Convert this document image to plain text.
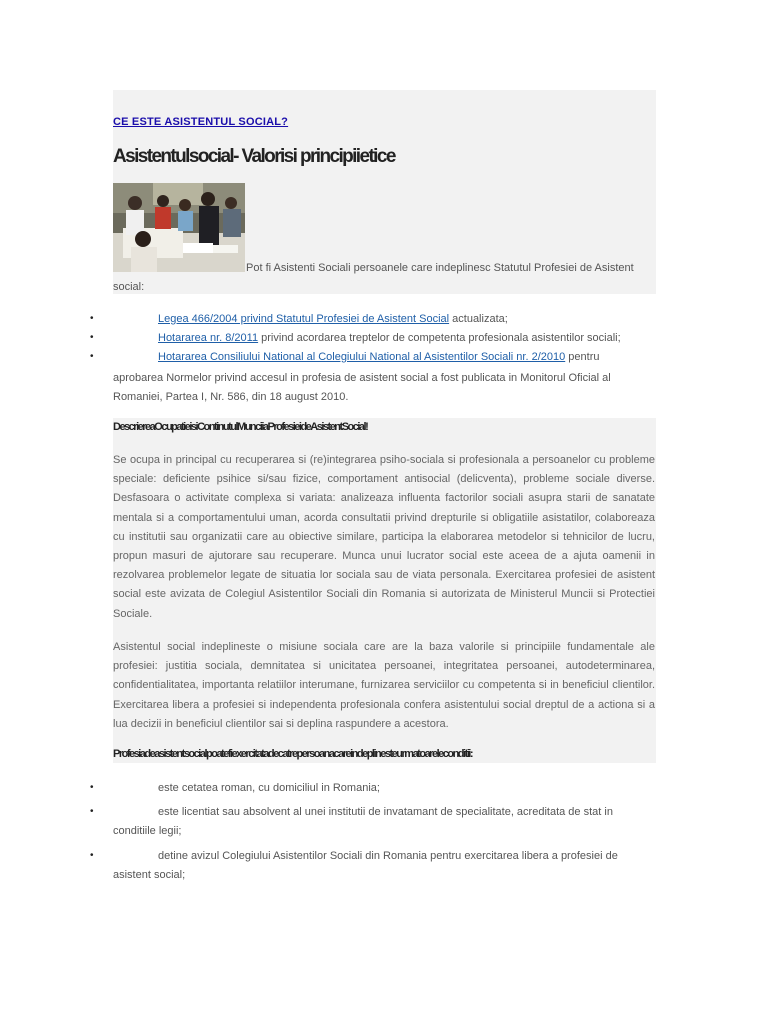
CE ESTE ASISTENTUL SOCIAL?
Asistentulsocial- Valorisi principiietice
Pot fi Asistenti Sociali persoanele care indeplinesc Statutul Profesiei de Asistent
social:
•	Legea 466/2004 privind Statutul Profesiei de Asistent Social actualizata;
•	Hotararea nr. 8/2011 privind acordarea treptelor de competenta profesionala asistentilor sociali;
•	Hotararea Consiliului National al Colegiului National al Asistentilor Sociali nr. 2/2010 pentru
aprobarea Normelor privind accesul in profesia de asistent social a fost publicata in Monitorul Oficial al
Romaniei, Partea I, Nr. 586, din 18 august 2010.
DescriereaOcupatieisiContinutulMunciiaProfesieideAsistentSocial!

Se ocupa in principal cu recuperarea si (re)integrarea psiho-sociala si profesionala a persoanelor cu probleme speciale: deficiente psihice si/sau fizice, comportament antisocial (delicventa), probleme sociale diverse. Desfasoara o activitate complexa si variata: analizeaza influenta factorilor sociali asupra starii de sanatate mentala si a comportamentului uman, acorda consultatii privind drepturile si obligatiile asistatilor, colaboreaza cu institutii sau organizatii care au obiective similare, participa la elaborarea metodelor si tehnicilor de lucru, propun masuri de ajutorare sau recuperare. Munca unui lucrator social este aceea de a ajuta oamenii in rezolvarea problemelor legate de situatia lor sociala sau de viata personala. Exercitarea profesiei de asistent social este avizata de Colegiul Asistentilor Sociali din Romania si autorizata de Ministerul Muncii si Protectiei Sociale.

Asistentul social indeplineste o misiune sociala care are la baza valorile si principiile fundamentale ale profesiei: justitia sociala, demnitatea si unicitatea persoanei, integritatea persoanei, autodeterminarea, confidentialitatea, importanta relatiilor interumane, furnizarea serviciilor cu competenta si in beneficiul clientilor. Exercitarea libera a profesiei si independenta profesionala confera asistentului social dreptul de a actiona si a lua decizii in beneficiul clientilor sai si deplina raspundere a acestora.

Profesiadeasistentsocialpoatefiexercitatadecatrepersoanacareindeplinesteurmatoareleconditii:
•	este cetatea roman, cu domiciliul in Romania;
•	este licentiat sau absolvent al unei institutii de invatamant de specialitate, acreditata de stat in
conditiile legii;
•	detine avizul Colegiului Asistentilor Sociali din Romania pentru exercitarea libera a profesiei de
asistent social;
